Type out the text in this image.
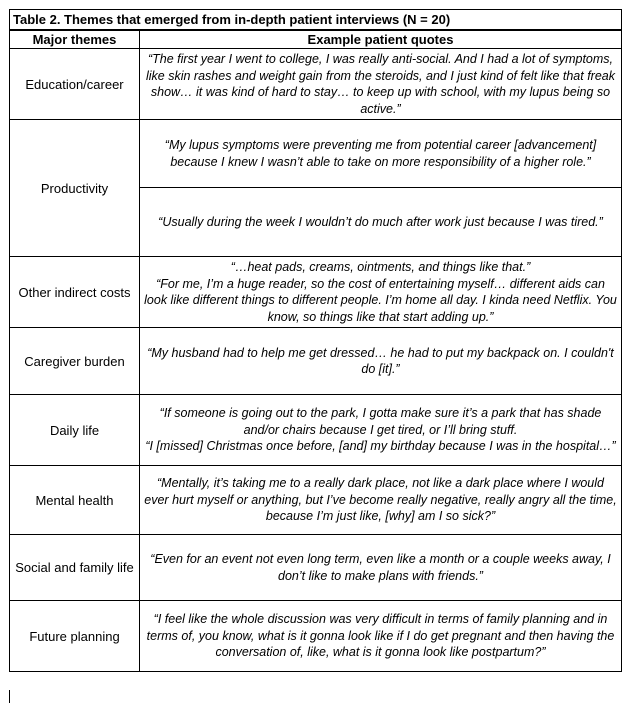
Table 2. Themes that emerged from in-depth patient interviews (N = 20)	
Major themes	Example patient quotes
Education/career	“The first year I went to college, I was really anti-social. And I had a lot of symptoms, like skin rashes and weight gain from the steroids, and I just kind of felt like that freak show… it was kind of hard to stay… to keep up with school, with my lupus being so active.”

Productivity	“My lupus symptoms were preventing me from potential career [advancement] because I knew I wasn’t able to take on more responsibility of a higher role.”

	“Usually during the week I wouldn’t do much after work just because I was tired.”

Other indirect costs	“…heat pads, creams, ointments, and things like that.”
“For me, I’m a huge reader, so the cost of entertaining myself… different aids can look like different things to different people. I’m home all day. I kinda need Netflix. You know, so things like that start adding up.”

Caregiver burden	“My husband had to help me get dressed… he had to put my backpack on. I couldn't do [it].”

Daily life	“If someone is going out to the park, I gotta make sure it’s a park that has shade and/or chairs because I get tired, or I’ll bring stuff.
“I [missed] Christmas once before, [and] my birthday because I was in the hospital…”

Mental health	“Mentally, it’s taking me to a really dark place, not like a dark place where I would ever hurt myself or anything, but I’ve become really negative, really angry all the time, because I’m just like, [why] am I so sick?”

Social and family life	“Even for an event not even long term, even like a month or a couple weeks away, I don’t like to make plans with friends.”

Future planning	“I feel like the whole discussion was very difficult in terms of family planning and in terms of, you know, what is it gonna look like if I do get pregnant and then having the conversation of, like, what is it gonna look like postpartum?”
